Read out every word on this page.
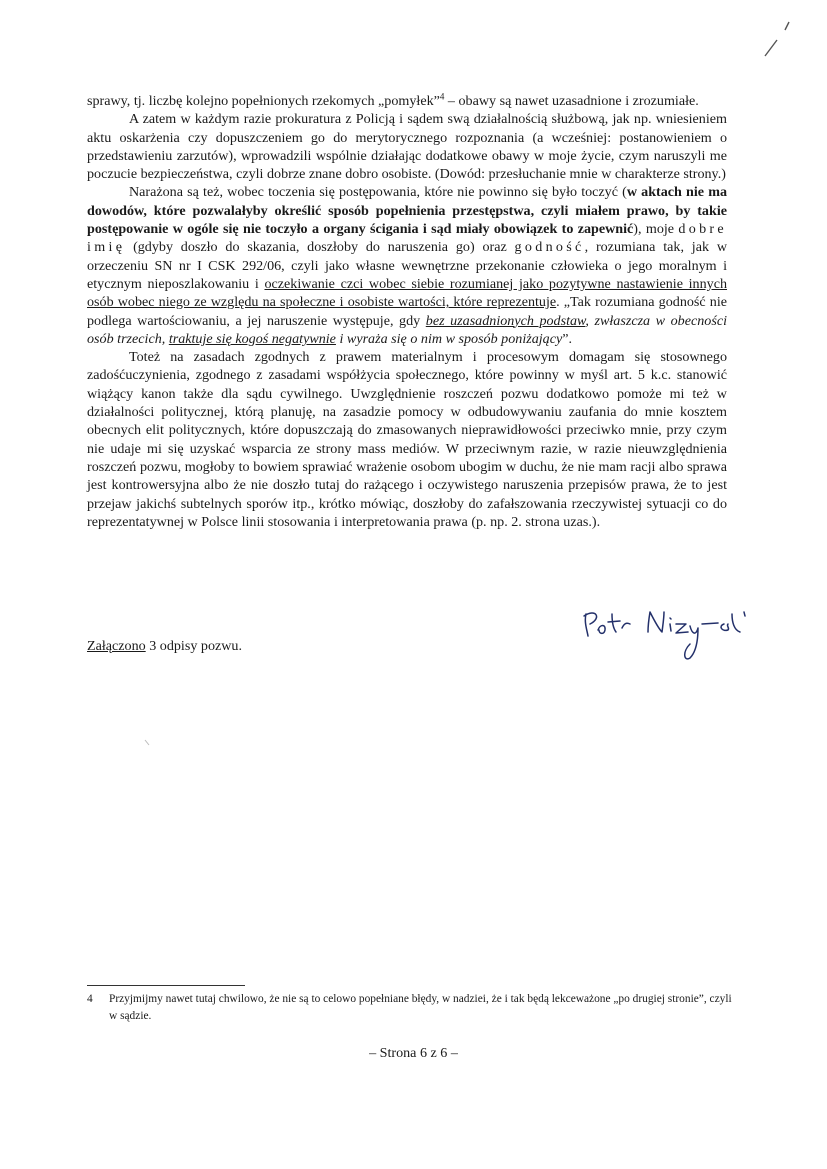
sprawy, tj. liczbę kolejno popełnionych rzekomych „pomyłek”$^4$ – obawy są nawet uzasadnione i zrozumiałe.

A zatem w każdym razie prokuratura z Policją i sądem swą działalnością służbową, jak np. wniesieniem aktu oskarżenia czy dopuszczeniem go do merytorycznego rozpoznania (a wcześniej: postanowieniem o przedstawieniu zarzutów), wprowadzili wspólnie działając dodatkowe obawy w moje życie, czym naruszyli me poczucie bezpieczeństwa, czyli dobrze znane dobro osobiste. (Dowód: przesłuchanie mnie w charakterze strony.)

Narażona są też, wobec toczenia się postępowania, które nie powinno się było toczyć (w aktach nie ma dowodów, które pozwalałyby określić sposób popełnienia przestępstwa, czyli miałem prawo, by takie postępowanie w ogóle się nie toczyło a organy ścigania i sąd miały obowiązek to zapewnić), moje dobre imię (gdyby doszło do skazania, doszłoby do naruszenia go) oraz godność, rozumiana tak, jak w orzeczeniu SN nr I CSK 292/06, czyli jako własne wewnętrzne przekonanie człowieka o jego moralnym i etycznym nieposzlakowaniu i oczekiwanie czci wobec siebie rozumianej jako pozytywne nastawienie innych osób wobec niego ze względu na społeczne i osobiste wartości, które reprezentuje. „Tak rozumiana godność nie podlega wartościowaniu, a jej naruszenie występuje, gdy bez uzasadnionych podstaw, zwłaszcza w obecności osób trzecich, traktuje się kogoś negatywnie i wyraża się o nim w sposób poniżający”.

Toteż na zasadach zgodnych z prawem materialnym i procesowym domagam się stosownego zadośćuczynienia, zgodnego z zasadami współżycia społecznego, które powinny w myśl art. 5 k.c. stanowić wiążący kanon także dla sądu cywilnego. Uwzględnienie roszczeń pozwu dodatkowo pomoże mi też w działalności politycznej, którą planuję, na zasadzie pomocy w odbudowywaniu zaufania do mnie kosztem obecnych elit politycznych, które dopuszczają do zmasowanych nieprawidłowości przeciwko mnie, przy czym nie udaje mi się uzyskać wsparcia ze strony mass mediów. W przeciwnym razie, w razie nieuwzględnienia roszczeń pozwu, mogłoby to bowiem sprawiać wrażenie osobom ubogim w duchu, że nie mam racji albo sprawa jest kontrowersyjna albo że nie doszło tutaj do rażącego i oczywistego naruszenia przepisów prawa, że to jest przejaw jakichś subtelnych sporów itp., krótko mówiąc, doszłoby do zafałszowania rzeczywistej sytuacji co do reprezentatywnej w Polsce linii stosowania i interpretowania prawa (p. np. 2. strona uzas.).

Załączono 3 odpisy pozwu.
4 Przyjmijmy nawet tutaj chwilowo, że nie są to celowo popełniane błędy, w nadziei, że i tak będą lekceważone „po drugiej stronie”, czyli w sądzie.
– Strona 6 z 6 –
